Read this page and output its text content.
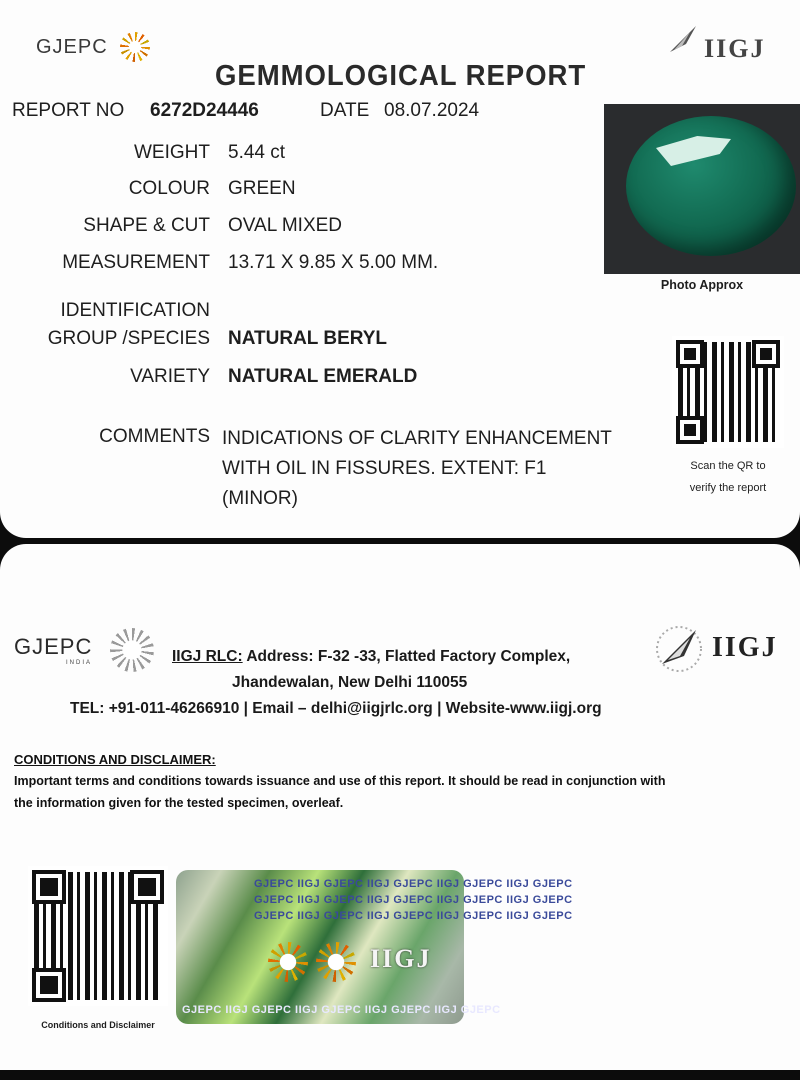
GJEPC	IIGJ
GEMMOLOGICAL REPORT
REPORT NO 6272D24446	DATE 08.07.2024
WEIGHT 5.44 ct
COLOUR GREEN
SHAPE & CUT OVAL MIXED
MEASUREMENT 13.71 X 9.85 X 5.00 MM.
IDENTIFICATION
GROUP /SPECIES NATURAL BERYL
VARIETY NATURAL EMERALD
COMMENTS INDICATIONS OF CLARITY ENHANCEMENT
WITH OIL IN FISSURES. EXTENT: F1
(MINOR)
Photo Approx
Scan the QR to
verify the report
GJEPC
INDIA	IIGJ
IIGJ RLC: Address: F-32 -33, Flatted Factory Complex,
Jhandewalan, New Delhi 110055
TEL: +91-011-46266910 | Email – delhi@iigjrlc.org | Website-www.iigj.org
CONDITIONS AND DISCLAIMER:
Important terms and conditions towards issuance and use of this report. It should be read in conjunction with
the information given for the tested specimen, overleaf.
Conditions and Disclaimer
GJEPC IIGJ GJEPC IIGJ GJEPC IIGJ GJEPC IIGJ GJEPC
GJEPC IIGJ GJEPC IIGJ GJEPC IIGJ GJEPC IIGJ GJEPC
GJEPC IIGJ GJEPC IIGJ GJEPC IIGJ GJEPC IIGJ GJEPC
IIGJ
GJEPC IIGJ GJEPC IIGJ GJEPC IIGJ GJEPC IIGJ GJEPC
